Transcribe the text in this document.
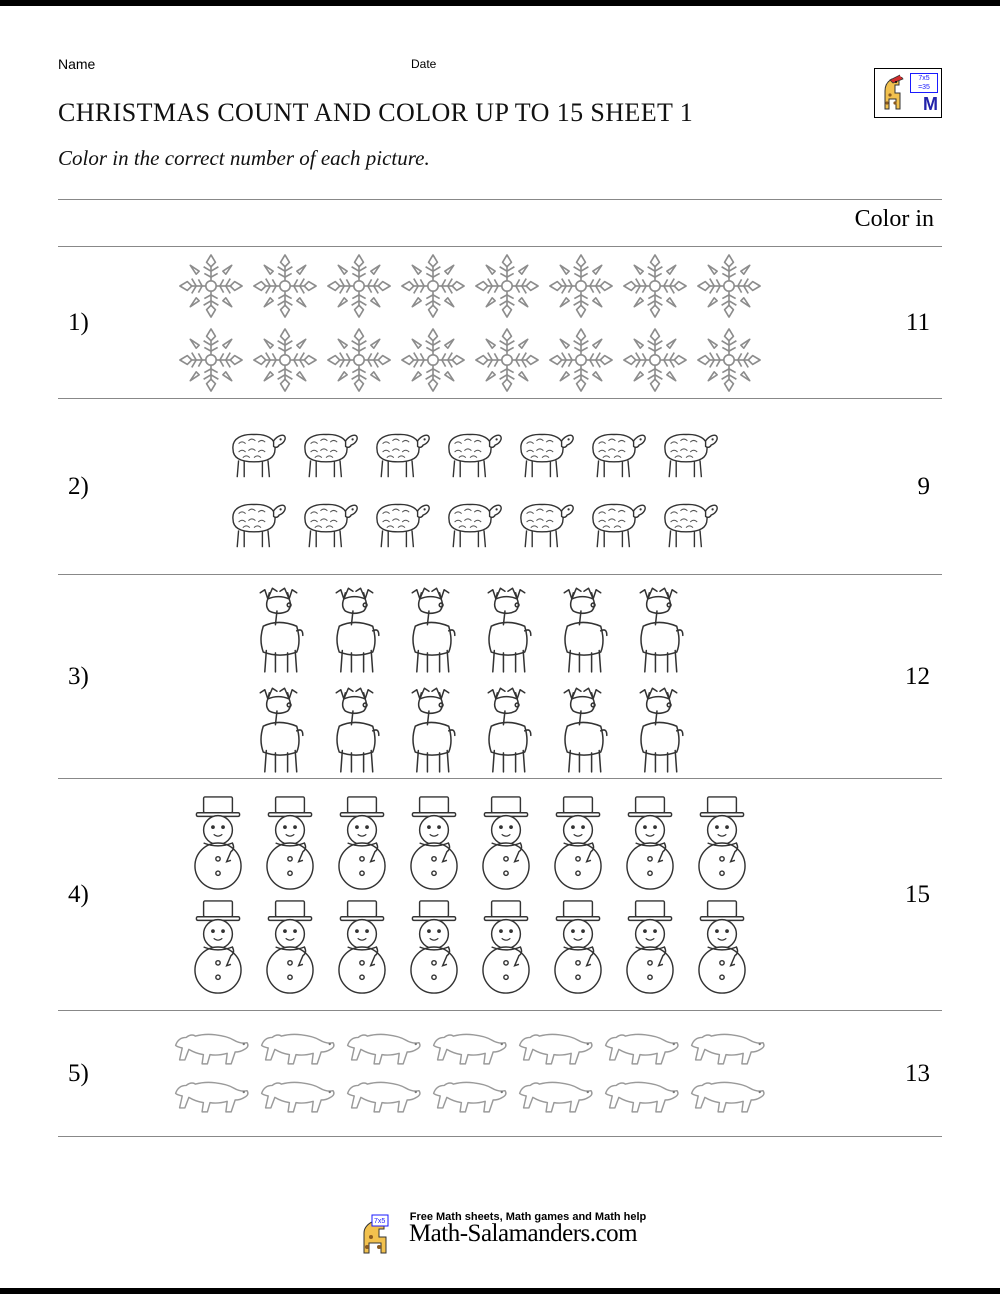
Name	Date
7x5
=35
M
CHRISTMAS COUNT AND COLOR UP TO 15 SHEET 1
Color in the correct number of each picture.
Color in
1)	11
2)	9
3)	12
4)	15
5)	13
7x5 Free Math sheets, Math games and Math help
Math-Salamanders.com
